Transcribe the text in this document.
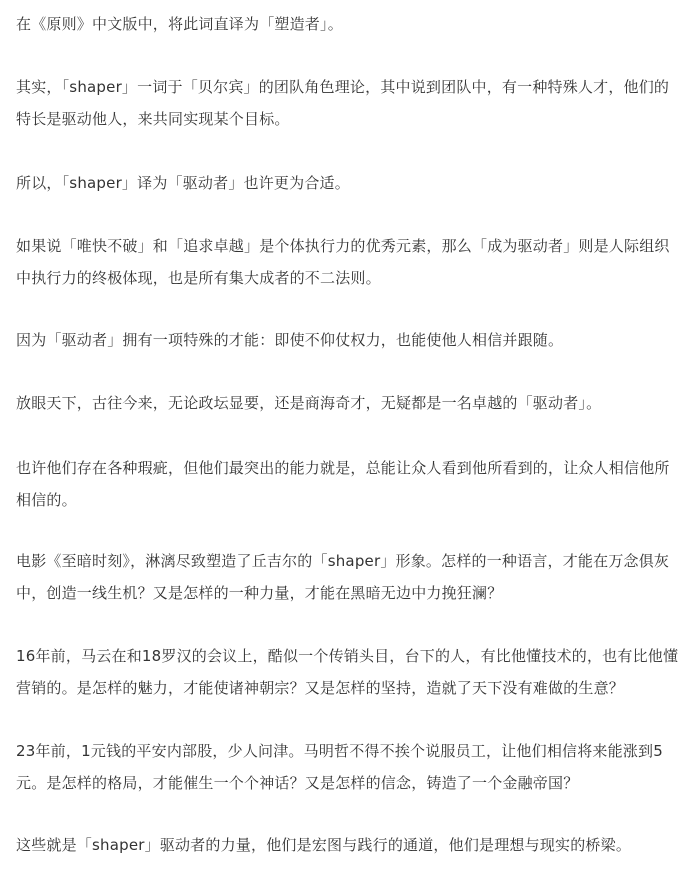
在《原则》中文版中，将此词直译为「塑造者」。

其实，「shaper」一词于「贝尔宾」的团队角色理论，其中说到团队中，有一种特殊人才，他们的特长是驱动他人，来共同实现某个目标。

所以，「shaper」译为「驱动者」也许更为合适。

如果说「唯快不破」和「追求卓越」是个体执行力的优秀元素，那么「成为驱动者」则是人际组织中执行力的终极体现，也是所有集大成者的不二法则。

因为「驱动者」拥有一项特殊的才能：即使不仰仗权力，也能使他人相信并跟随。

放眼天下，古往今来，无论政坛显要，还是商海奇才，无疑都是一名卓越的「驱动者」。

也许他们存在各种瑕疵，但他们最突出的能力就是，总能让众人看到他所看到的，让众人相信他所相信的。

电影《至暗时刻》，淋漓尽致塑造了丘吉尔的「shaper」形象。怎样的一种语言，才能在万念俱灰中，创造一线生机？又是怎样的一种力量，才能在黑暗无边中力挽狂澜？

16年前，马云在和18罗汉的会议上，酷似一个传销头目，台下的人，有比他懂技术的，也有比他懂营销的。是怎样的魅力，才能使诸神朝宗？又是怎样的坚持，造就了天下没有难做的生意？

23年前，1元钱的平安内部股，少人问津。马明哲不得不挨个说服员工，让他们相信将来能涨到5元。是怎样的格局，才能催生一个个神话？又是怎样的信念，铸造了一个金融帝国？

这些就是「shaper」驱动者的力量，他们是宏图与践行的通道，他们是理想与现实的桥梁。
